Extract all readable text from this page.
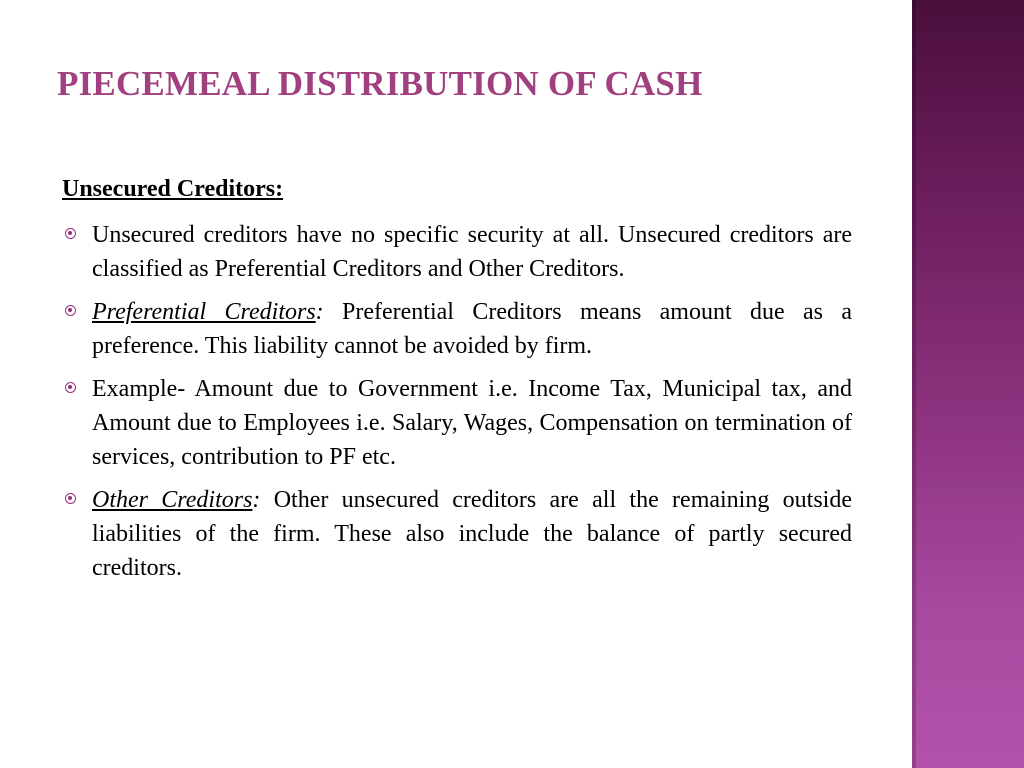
PIECEMEAL DISTRIBUTION OF CASH

Unsecured Creditors:

Unsecured creditors have no specific security at all. Unsecured creditors are classified as Preferential Creditors and Other Creditors.
Preferential Creditors: Preferential Creditors means amount due as a preference. This liability cannot be avoided by firm.
Example- Amount due to Government i.e. Income Tax, Municipal tax, and Amount due to Employees i.e. Salary, Wages, Compensation on termination of services, contribution to PF etc.
Other Creditors: Other unsecured creditors are all the remaining outside liabilities of the firm. These also include the balance of partly secured creditors.
